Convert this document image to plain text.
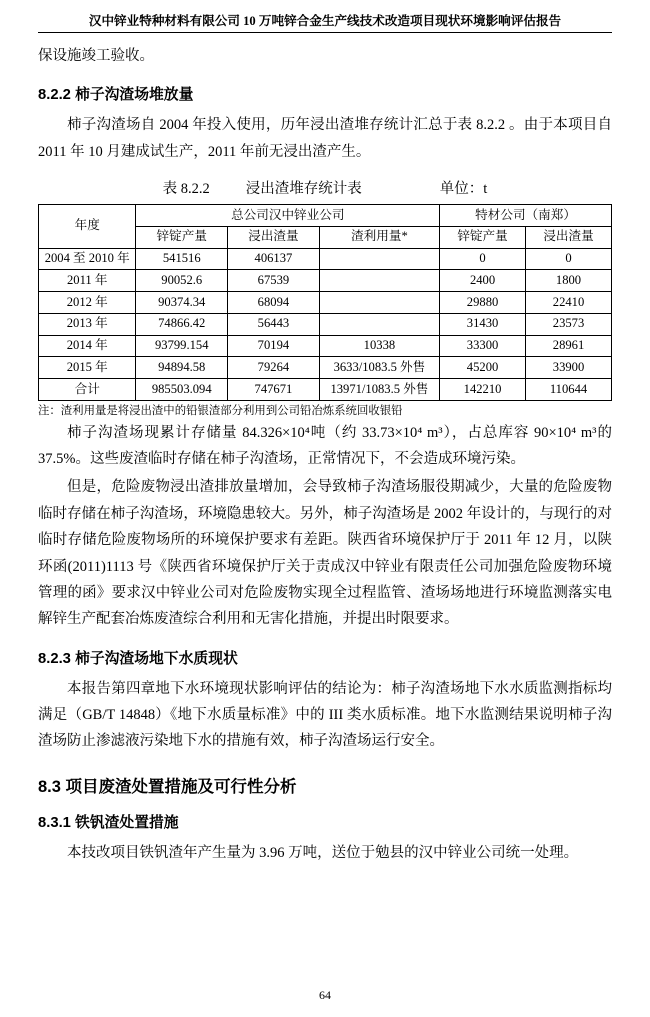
汉中锌业特种材料有限公司 10 万吨锌合金生产线技术改造项目现状环境影响评估报告

保设施竣工验收。

8.2.2 柿子沟渣场堆放量

柿子沟渣场自 2004 年投入使用，历年浸出渣堆存统计汇总于表 8.2.2 。由于本项目自 2011 年 10 月建成试生产，2011 年前无浸出渣产生。

表 8.2.2 浸出渣堆存统计表	单位：t
年度	总公司汉中锌业公司			特材公司（南郑）	
	锌锭产量	浸出渣量	渣利用量*	锌锭产量	浸出渣量
2004 至 2010 年	541516	406137		0	0
2011 年	90052.6	67539		2400	1800
2012 年	90374.34	68094		29880	22410
2013 年	74866.42	56443		31430	23573
2014 年	93799.154	70194	10338	33300	28961
2015 年	94894.58	79264	3633/1083.5 外售	45200	33900
合计	985503.094	747671	13971/1083.5 外售	142210	110644

注：渣利用量是将浸出渣中的铅银渣部分利用到公司铅冶炼系统回收银铅

柿子沟渣场现累计存储量 84.326×10⁴吨（约 33.73×10⁴ m³），占总库容 90×10⁴ m³的 37.5%。这些废渣临时存储在柿子沟渣场，正常情况下，不会造成环境污染。

但是，危险废物浸出渣排放量增加，会导致柿子沟渣场服役期减少，大量的危险废物临时存储在柿子沟渣场，环境隐患较大。另外，柿子沟渣场是 2002 年设计的，与现行的对临时存储危险废物场所的环境保护要求有差距。陕西省环境保护厅于 2011 年 12 月，以陕环函(2011)1113 号《陕西省环境保护厅关于责成汉中锌业有限责任公司加强危险废物环境管理的函》要求汉中锌业公司对危险废物实现全过程监管、渣场场地进行环境监测落实电解锌生产配套冶炼废渣综合利用和无害化措施，并提出时限要求。

8.2.3 柿子沟渣场地下水质现状

本报告第四章地下水环境现状影响评估的结论为：柿子沟渣场地下水水质监测指标均满足（GB/T 14848）《地下水质量标准》中的 III 类水质标准。地下水监测结果说明柿子沟渣场防止渗滤液污染地下水的措施有效，柿子沟渣场运行安全。

8.3 项目废渣处置措施及可行性分析
8.3.1 铁钒渣处置措施

本技改项目铁钒渣年产生量为 3.96 万吨，送位于勉县的汉中锌业公司统一处理。

64
